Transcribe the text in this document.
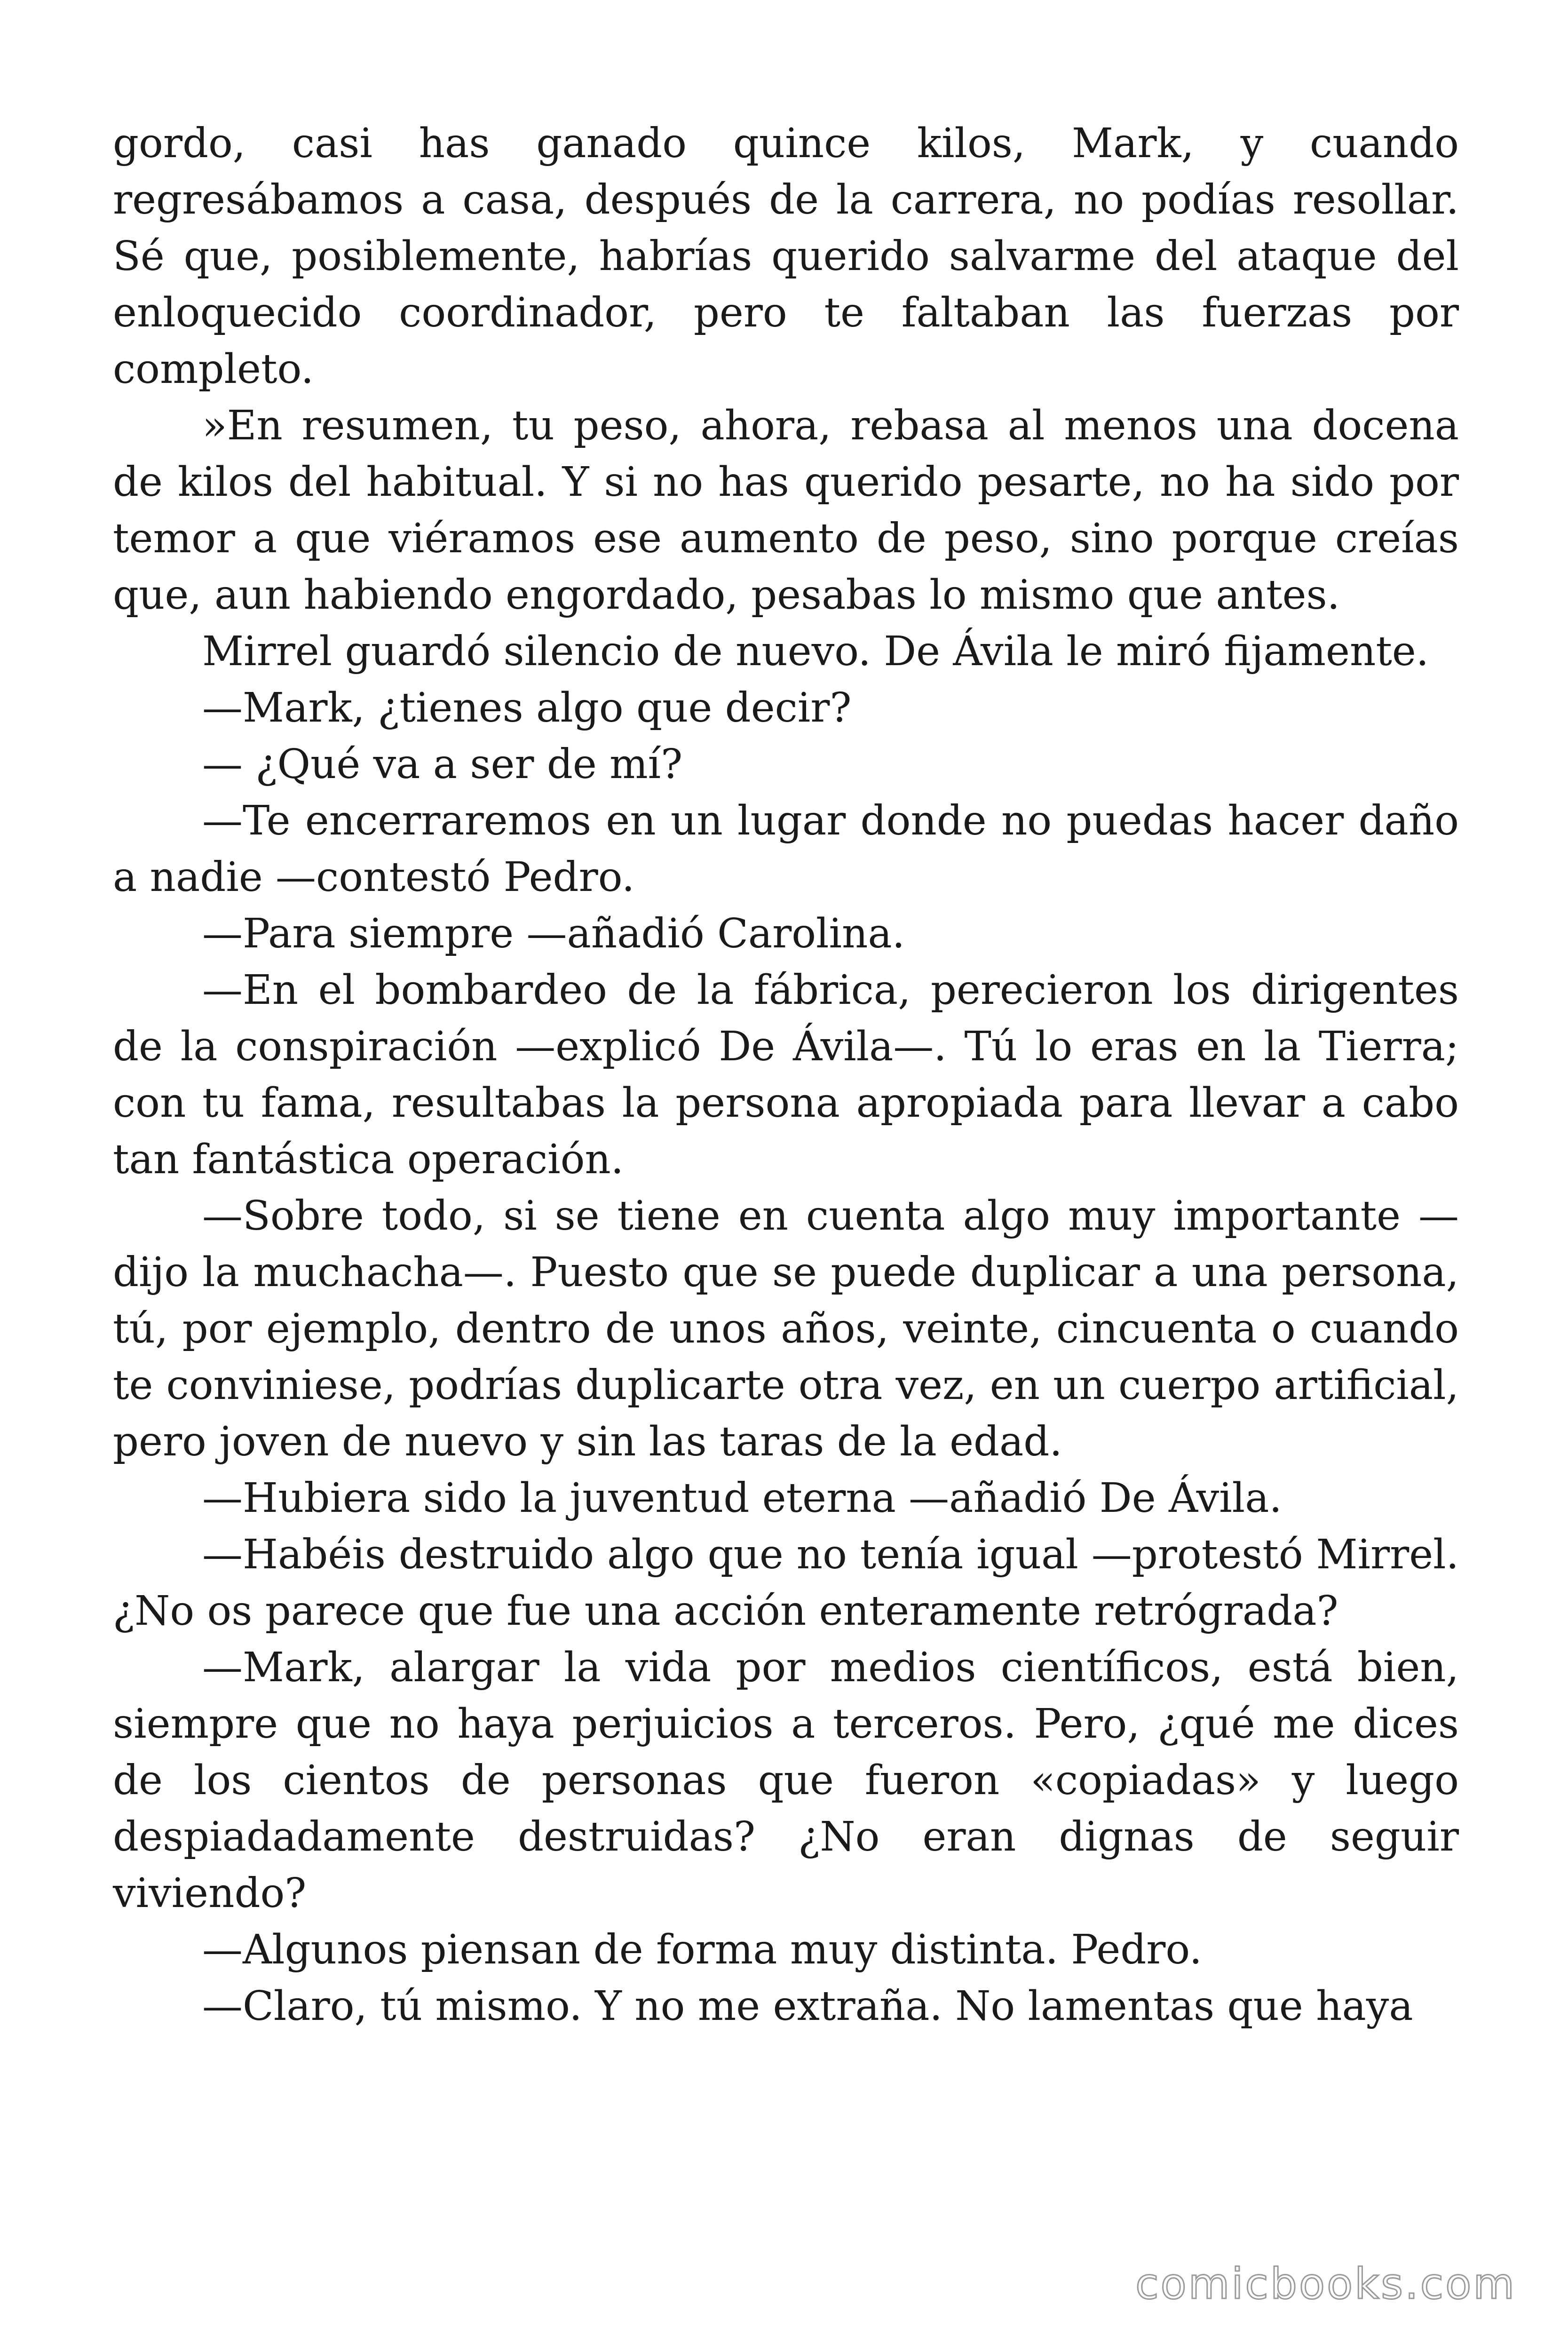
gordo, casi has ganado quince kilos, Mark, y cuando regresábamos a casa, después de la carrera, no podías resollar. Sé que, posiblemente, habrías querido salvarme del ataque del enloquecido coordinador, pero te faltaban las fuerzas por completo.

»En resumen, tu peso, ahora, rebasa al menos una docena de kilos del habitual. Y si no has querido pesarte, no ha sido por temor a que viéramos ese aumento de peso, sino porque creías que, aun habiendo engordado, pesabas lo mismo que antes.

Mirrel guardó silencio de nuevo. De Ávila le miró fijamente.

—Mark, ¿tienes algo que decir?

— ¿Qué va a ser de mí?

—Te encerraremos en un lugar donde no puedas hacer daño a nadie —contestó Pedro.

—Para siempre —añadió Carolina.

—En el bombardeo de la fábrica, perecieron los dirigentes de la conspiración —explicó De Ávila—. Tú lo eras en la Tierra; con tu fama, resultabas la persona apropiada para llevar a cabo tan fantástica operación.

—Sobre todo, si se tiene en cuenta algo muy importante —dijo la muchacha—. Puesto que se puede duplicar a una persona, tú, por ejemplo, dentro de unos años, veinte, cincuenta o cuando te conviniese, podrías duplicarte otra vez, en un cuerpo artificial, pero joven de nuevo y sin las taras de la edad.

—Hubiera sido la juventud eterna —añadió De Ávila.

—Habéis destruido algo que no tenía igual —protestó Mirrel. ¿No os parece que fue una acción enteramente retrógrada?

—Mark, alargar la vida por medios científicos, está bien, siempre que no haya perjuicios a terceros. Pero, ¿qué me dices de los cientos de personas que fueron «copiadas» y luego despiadadamente destruidas? ¿No eran dignas de seguir viviendo?

—Algunos piensan de forma muy distinta. Pedro.

—Claro, tú mismo. Y no me extraña. No lamentas que haya

comicbooks.com
